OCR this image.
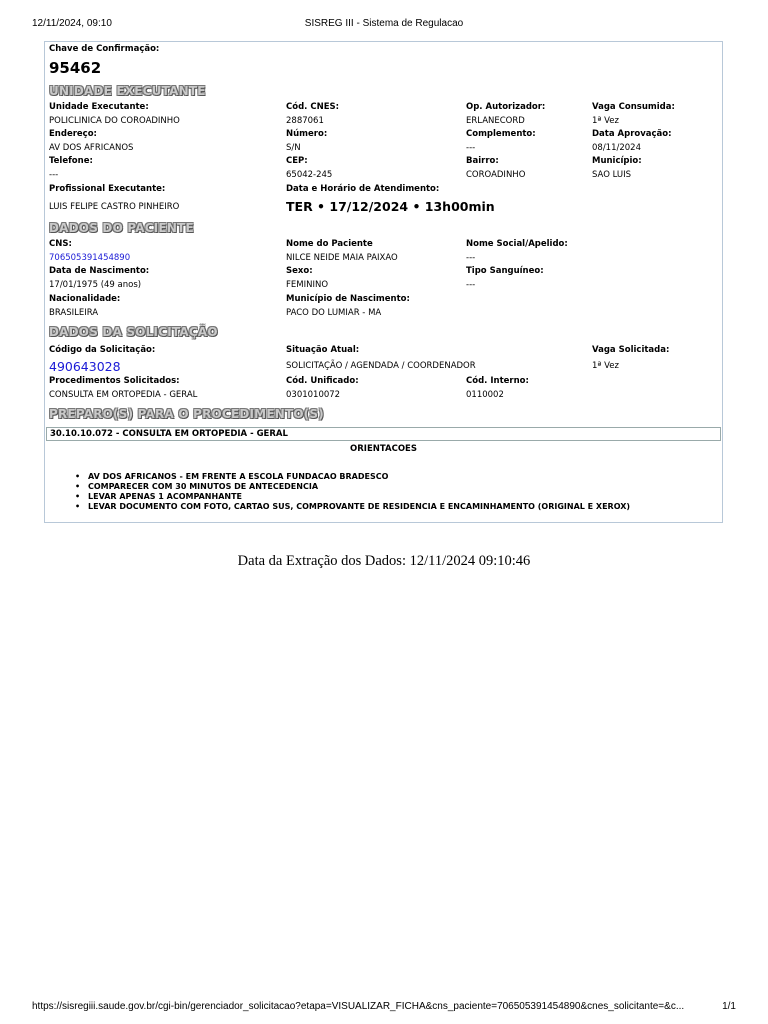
12/11/2024, 09:10	SISREG III - Sistema de Regulacao
Chave de Confirmação:
95462
UNIDADE EXECUTANTE
Unidade Executante:	Cód. CNES:	Op. Autorizador:	Vaga Consumida:
POLICLINICA DO COROADINHO	2887061	ERLANECORD	1ª Vez
Endereço:	Número:	Complemento:	Data Aprovação:
AV DOS AFRICANOS	S/N	---	08/11/2024
Telefone:	CEP:	Bairro:	Município:
---	65042-245	COROADINHO	SAO LUIS
Profissional Executante:	Data e Horário de Atendimento:
LUIS FELIPE CASTRO PINHEIRO	TER • 17/12/2024 • 13h00min
DADOS DO PACIENTE
CNS:	Nome do Paciente	Nome Social/Apelido:
706505391454890	NILCE NEIDE MAIA PAIXAO	---
Data de Nascimento:	Sexo:	Tipo Sanguíneo:
17/01/1975 (49 anos)	FEMININO	---
Nacionalidade:	Município de Nascimento:
BRASILEIRA	PACO DO LUMIAR - MA
DADOS DA SOLICITAÇÃO
Código da Solicitação:	Situação Atual:	Vaga Solicitada:
490643028	SOLICITAÇÃO / AGENDADA / COORDENADOR	1ª Vez
Procedimentos Solicitados:	Cód. Unificado:	Cód. Interno:
CONSULTA EM ORTOPEDIA - GERAL	0301010072	0110002
PREPARO(S) PARA O PROCEDIMENTO(S)
30.10.10.072 - CONSULTA EM ORTOPEDIA - GERAL
ORIENTACOES
• AV DOS AFRICANOS - EM FRENTE A ESCOLA FUNDACAO BRADESCO
• COMPARECER COM 30 MINUTOS DE ANTECEDENCIA
• LEVAR APENAS 1 ACOMPANHANTE
• LEVAR DOCUMENTO COM FOTO, CARTAO SUS, COMPROVANTE DE RESIDENCIA E ENCAMINHAMENTO (ORIGINAL E XEROX)
Data da Extração dos Dados: 12/11/2024 09:10:46
https://sisregiii.saude.gov.br/cgi-bin/gerenciador_solicitacao?etapa=VISUALIZAR_FICHA&cns_paciente=706505391454890&cnes_solicitante=&c...	1/1
